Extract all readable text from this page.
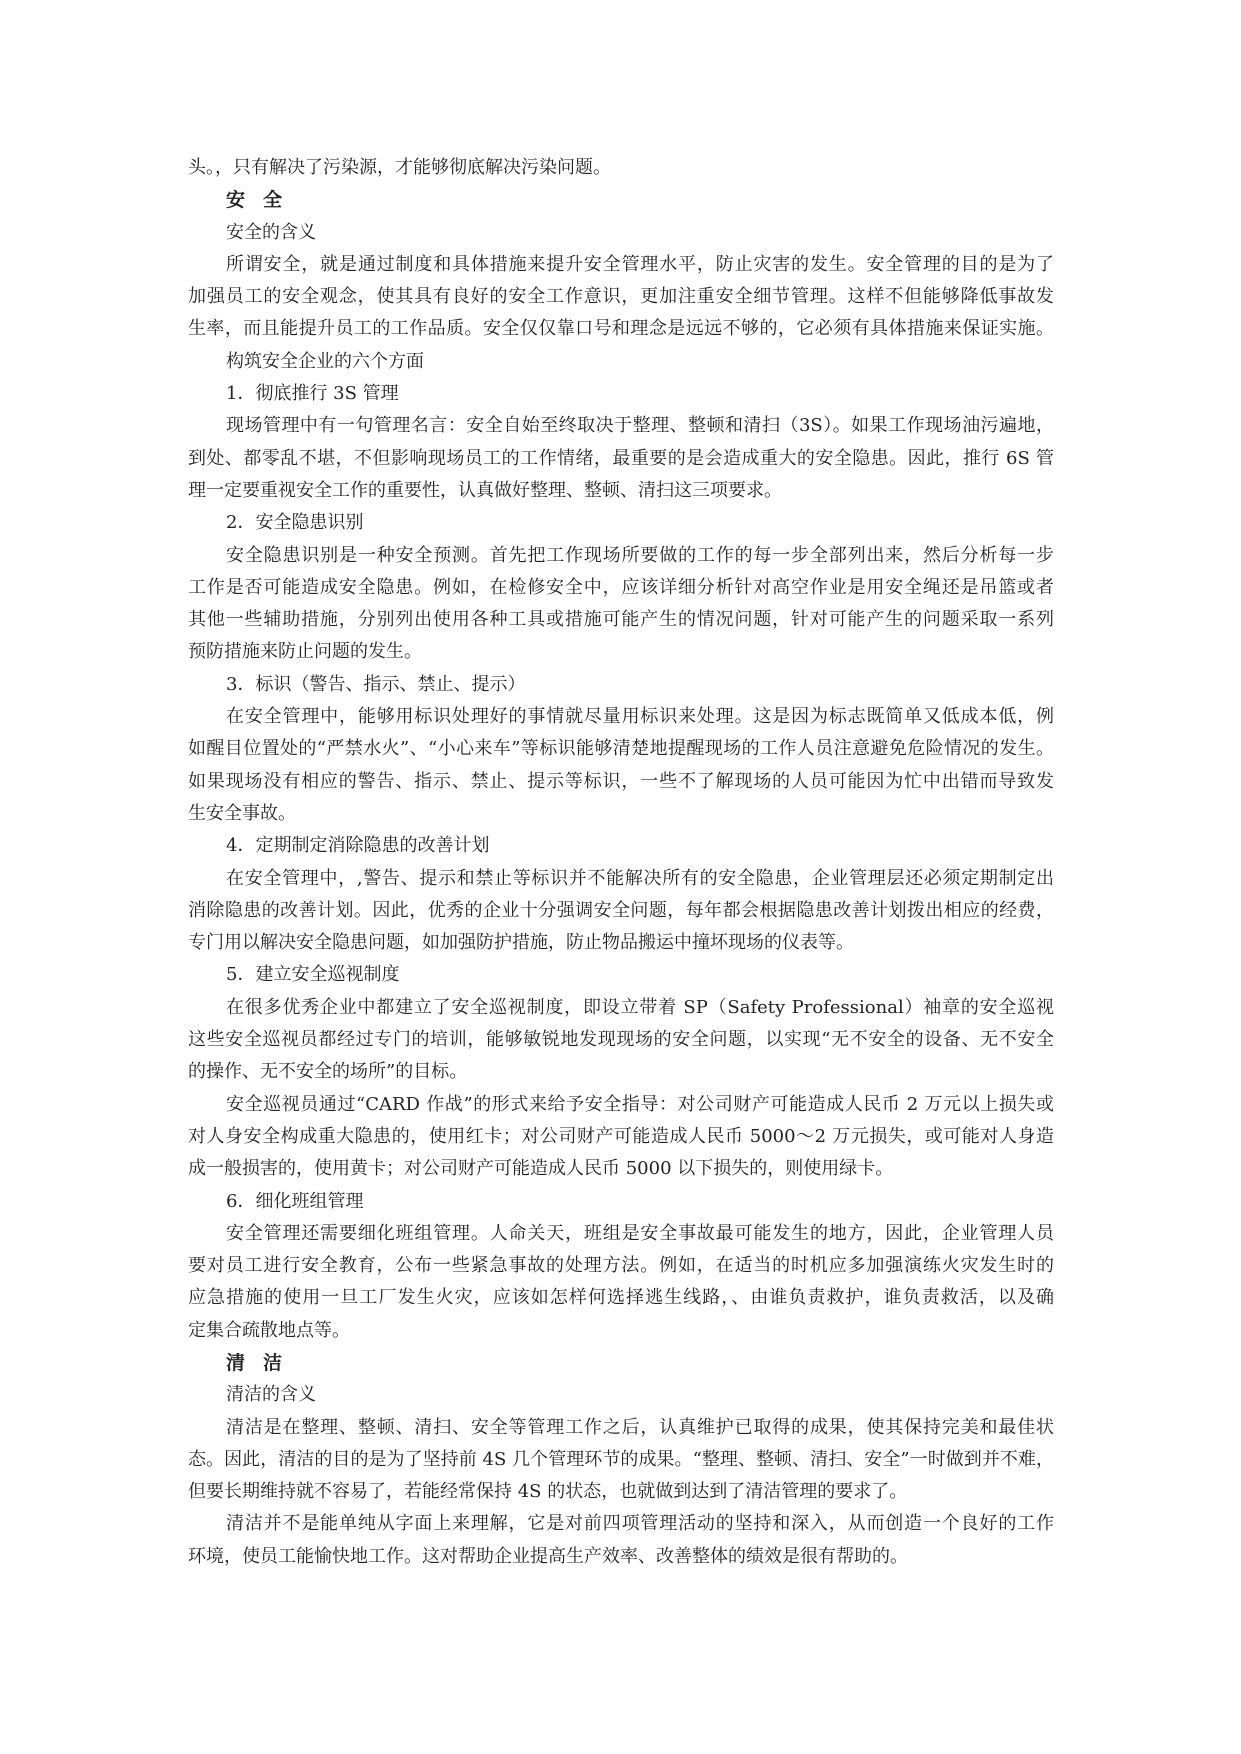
头。，只有解决了污染源，才能够彻底解决污染问题。

安全

安全的含义

所谓安全，就是通过制度和具体措施来提升安全管理水平，防止灾害的发生。安全管理的目的是为了

加强员工的安全观念，使其具有良好的安全工作意识，更加注重安全细节管理。这样不但能够降低事故发

生率，而且能提升员工的工作品质。安全仅仅靠口号和理念是远远不够的，它必须有具体措施来保证实施。

构筑安全企业的六个方面

1．彻底推行 3S 管理

现场管理中有一句管理名言：安全自始至终取决于整理、整顿和清扫（3S）。如果工作现场油污遍地，

到处、都零乱不堪，不但影响现场员工的工作情绪，最重要的是会造成重大的安全隐患。因此，推行 6S 管

理一定要重视安全工作的重要性，认真做好整理、整顿、清扫这三项要求。

2．安全隐患识别

安全隐患识别是一种安全预测。首先把工作现场所要做的工作的每一步全部列出来，然后分析每一步

工作是否可能造成安全隐患。例如，在检修安全中，应该详细分析针对高空作业是用安全绳还是吊篮或者

其他一些辅助措施，分别列出使用各种工具或措施可能产生的情况问题，针对可能产生的问题采取一系列

预防措施来防止问题的发生。

3．标识（警告、指示、禁止、提示）

在安全管理中，能够用标识处理好的事情就尽量用标识来处理。这是因为标志既简单又低成本低，例

如醒目位置处的“严禁水火”、“小心来车”等标识能够清楚地提醒现场的工作人员注意避免危险情况的发生。

如果现场没有相应的警告、指示、禁止、提示等标识，一些不了解现场的人员可能因为忙中出错而导致发

生安全事故。

4．定期制定消除隐患的改善计划

在安全管理中，,警告、提示和禁止等标识并不能解决所有的安全隐患，企业管理层还必须定期制定出

消除隐患的改善计划。因此，优秀的企业十分强调安全问题，每年都会根据隐患改善计划拨出相应的经费，

专门用以解决安全隐患问题，如加强防护措施，防止物品搬运中撞坏现场的仪表等。

5．建立安全巡视制度

在很多优秀企业中都建立了安全巡视制度，即设立带着 SP（Safety Professional）袖章的安全巡视

这些安全巡视员都经过专门的培训，能够敏锐地发现现场的安全问题，以实现“无不安全的设备、无不安全

的操作、无不安全的场所”的目标。

安全巡视员通过“CARD 作战”的形式来给予安全指导：对公司财产可能造成人民币 2 万元以上损失或

对人身安全构成重大隐患的，使用红卡；对公司财产可能造成人民币 5000～2 万元损失，或可能对人身造

成一般损害的，使用黄卡；对公司财产可能造成人民币 5000 以下损失的，则使用绿卡。

6．细化班组管理

安全管理还需要细化班组管理。人命关天，班组是安全事故最可能发生的地方，因此，企业管理人员

要对员工进行安全教育，公布一些紧急事故的处理方法。例如，在适当的时机应多加强演练火灾发生时的

应急措施的使用一旦工厂发生火灾，应该如怎样何选择逃生线路，、由谁负责救护，谁负责救活，以及确

定集合疏散地点等。

清洁

清洁的含义

清洁是在整理、整顿、清扫、安全等管理工作之后，认真维护已取得的成果，使其保持完美和最佳状

态。因此，清洁的目的是为了坚持前 4S 几个管理环节的成果。“整理、整顿、清扫、安全”一时做到并不难，

但要长期维持就不容易了，若能经常保持 4S 的状态，也就做到达到了清洁管理的要求了。

清洁并不是能单纯从字面上来理解，它是对前四项管理活动的坚持和深入，从而创造一个良好的工作

环境，使员工能愉快地工作。这对帮助企业提高生产效率、改善整体的绩效是很有帮助的。
